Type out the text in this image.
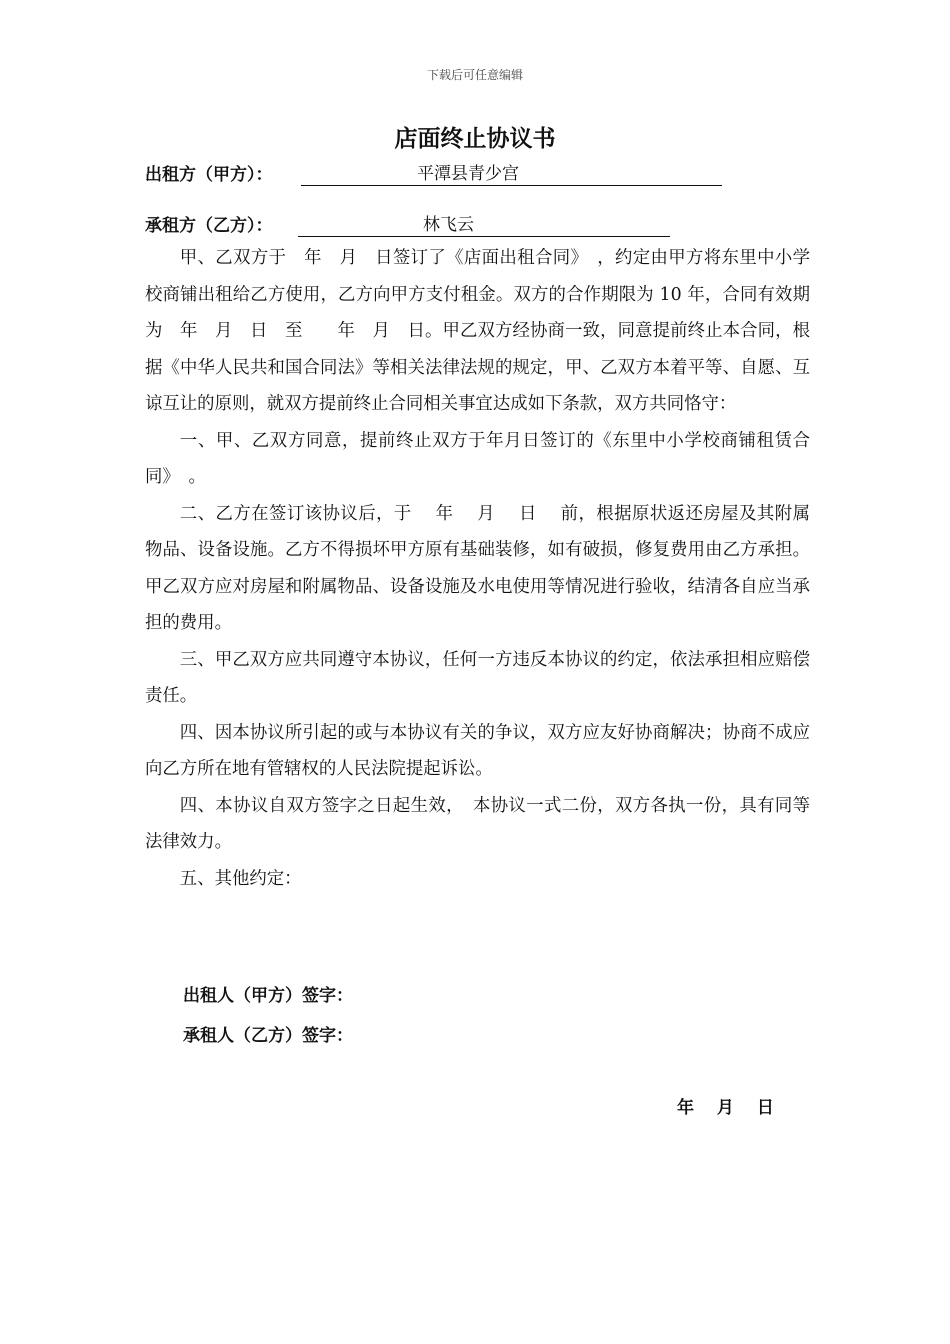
下载后可任意编辑
店面终止协议书
出租方（甲方）：	平潭县青少宫
承租方（乙方）：	林飞云

甲、乙双方于　年　月　日签订了《店面出租合同》　，约定由甲方将东里中小学校商铺出租给乙方使用，乙方向甲方支付租金。双方的合作期限为 10 年，合同有效期为　年　月　日　至　　年　月　日。甲乙双方经协商一致，同意提前终止本合同，根据《中华人民共和国合同法》等相关法律法规的规定，甲、乙双方本着平等、自愿、互谅互让的原则，就双方提前终止合同相关事宜达成如下条款，双方共同恪守：

一、甲、乙双方同意，提前终止双方于年月日签订的《东里中小学校商铺租赁合同》　。

二、乙方在签订该协议后，于　 年　 月　 日　 前，根据原状返还房屋及其附属物品、设备设施。乙方不得损坏甲方原有基础装修，如有破损，修复费用由乙方承担。甲乙双方应对房屋和附属物品、设备设施及水电使用等情况进行验收，结清各自应当承担的费用。

三、甲乙双方应共同遵守本协议，任何一方违反本协议的约定，依法承担相应赔偿责任。

四、因本协议所引起的或与本协议有关的争议，双方应友好协商解决；协商不成应向乙方所在地有管辖权的人民法院提起诉讼。

四、本协议自双方签字之日起生效，　本协议一式二份，双方各执一份，具有同等法律效力。

五、其他约定：

出租人（甲方）签字：
承租人（乙方）签字：
年　 月　 日
